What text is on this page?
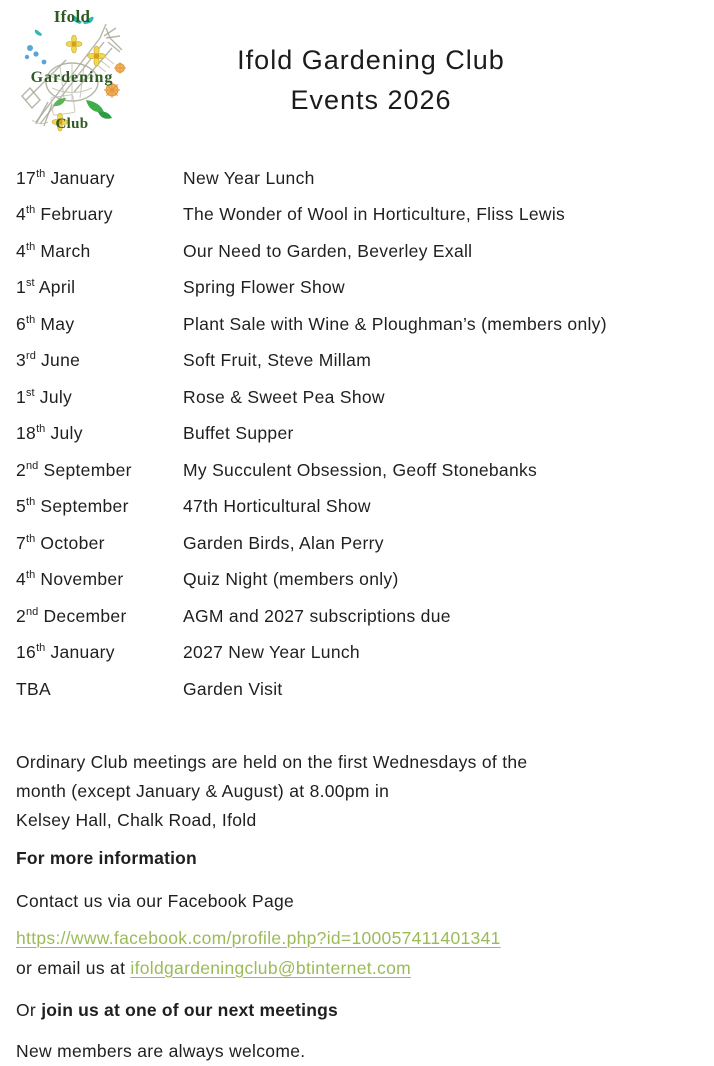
Ifold
Gardening
Club
Ifold Gardening Club
Events 2026
17th January	New Year Lunch
4th February	The Wonder of Wool in Horticulture, Fliss Lewis
4th March	Our Need to Garden, Beverley Exall
1st April	Spring Flower Show
6th May	Plant Sale with Wine & Ploughman’s (members only)
3rd June	Soft Fruit, Steve Millam
1st July	Rose & Sweet Pea Show
18th July	Buffet Supper
2nd September	My Succulent Obsession, Geoff Stonebanks
5th September	47th Horticultural Show
7th October	Garden Birds, Alan Perry
4th November	Quiz Night (members only)
2nd December	AGM and 2027 subscriptions due
16th January	2027 New Year Lunch
TBA	Garden Visit
Ordinary Club meetings are held on the first Wednesdays of the
month (except January & August) at 8.00pm in
Kelsey Hall, Chalk Road, Ifold
For more information
Contact us via our Facebook Page
https://www.facebook.com/profile.php?id=100057411401341
or email us at ifoldgardeningclub@btinternet.com
Or join us at one of our next meetings
New members are always welcome.
